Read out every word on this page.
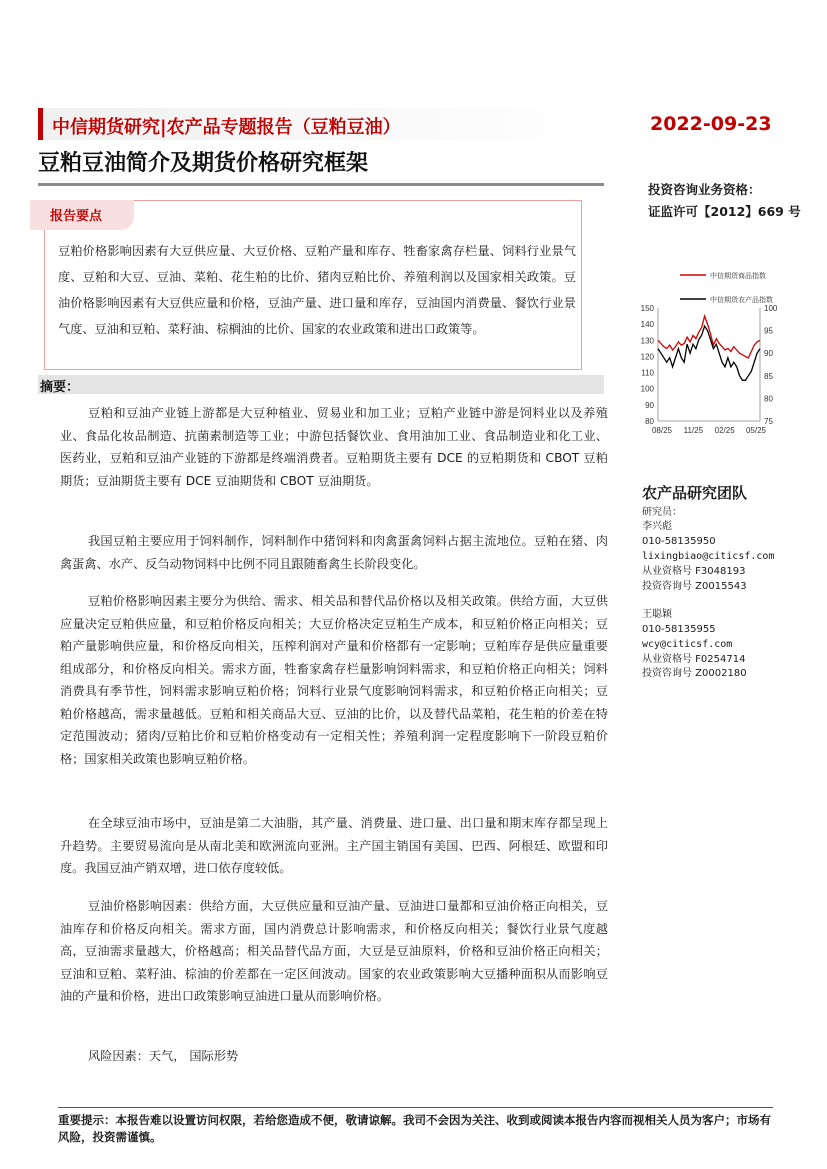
中信期货研究|农产品专题报告（豆粕豆油）	2022-09-23
豆粕豆油简介及期货价格研究框架
报告要点
豆粕价格影响因素有大豆供应量、大豆价格、豆粕产量和库存、牲畜家禽存栏量、饲料行业景气度、豆粕和大豆、豆油、菜粕、花生粕的比价、猪肉豆粕比价、养殖利润以及国家相关政策。豆油价格影响因素有大豆供应量和价格，豆油产量、进口量和库存，豆油国内消费量、餐饮行业景气度、豆油和豆粕、菜籽油、棕榈油的比价、国家的农业政策和进出口政策等。
摘要：
豆粕和豆油产业链上游都是大豆种植业、贸易业和加工业；豆粕产业链中游是饲料业以及养殖业、食品化妆品制造、抗菌素制造等工业；中游包括餐饮业、食用油加工业、食品制造业和化工业、医药业，豆粕和豆油产业链的下游都是终端消费者。豆粕期货主要有 DCE 的豆粕期货和 CBOT 豆粕期货；豆油期货主要有 DCE 豆油期货和 CBOT 豆油期货。
我国豆粕主要应用于饲料制作，饲料制作中猪饲料和肉禽蛋禽饲料占据主流地位。豆粕在猪、肉禽蛋禽、水产、反刍动物饲料中比例不同且跟随畜禽生长阶段变化。
豆粕价格影响因素主要分为供给、需求、相关品和替代品价格以及相关政策。供给方面，大豆供应量决定豆粕供应量，和豆粕价格反向相关；大豆价格决定豆粕生产成本，和豆粕价格正向相关；豆粕产量影响供应量，和价格反向相关，压榨利润对产量和价格都有一定影响；豆粕库存是供应量重要组成部分，和价格反向相关。需求方面，牲畜家禽存栏量影响饲料需求，和豆粕价格正向相关；饲料消费具有季节性，饲料需求影响豆粕价格；饲料行业景气度影响饲料需求，和豆粕价格正向相关；豆粕价格越高，需求量越低。豆粕和相关商品大豆、豆油的比价，以及替代品菜粕，花生粕的价差在特定范围波动；猪肉/豆粕比价和豆粕价格变动有一定相关性；养殖利润一定程度影响下一阶段豆粕价格；国家相关政策也影响豆粕价格。
在全球豆油市场中，豆油是第二大油脂，其产量、消费量、进口量、出口量和期末库存都呈现上升趋势。主要贸易流向是从南北美和欧洲流向亚洲。主产国主销国有美国、巴西、阿根廷、欧盟和印度。我国豆油产销双增，进口依存度较低。
豆油价格影响因素：供给方面，大豆供应量和豆油产量、豆油进口量都和豆油价格正向相关，豆油库存和价格反向相关。需求方面，国内消费总计影响需求，和价格反向相关；餐饮行业景气度越高，豆油需求量越大，价格越高；相关品替代品方面，大豆是豆油原料，价格和豆油价格正向相关；豆油和豆粕、菜籽油、棕油的价差都在一定区间波动。国家的农业政策影响大豆播种面积从而影响豆油的产量和价格，进出口政策影响豆油进口量从而影响价格。
风险因素：天气， 国际形势
投资咨询业务资格：
证监许可【2012】669 号
中信期货商品指数
中信期货农产品指数
150
140
130
120
110
100
90
80
100
95
90
85
80
75
08/25 11/25 02/25 05/25
农产品研究团队
研究员：
李兴彪
010-58135950
lixingbiao@citicsf.com
从业资格号 F3048193
投资咨询号 Z0015543
王聪颖
010-58135955
wcy@citicsf.com
从业资格号 F0254714
投资咨询号 Z0002180
重要提示：本报告难以设置访问权限，若给您造成不便，敬请谅解。我司不会因为关注、收到或阅读本报告内容而视相关人员为客户；市场有风险，投资需谨慎。
